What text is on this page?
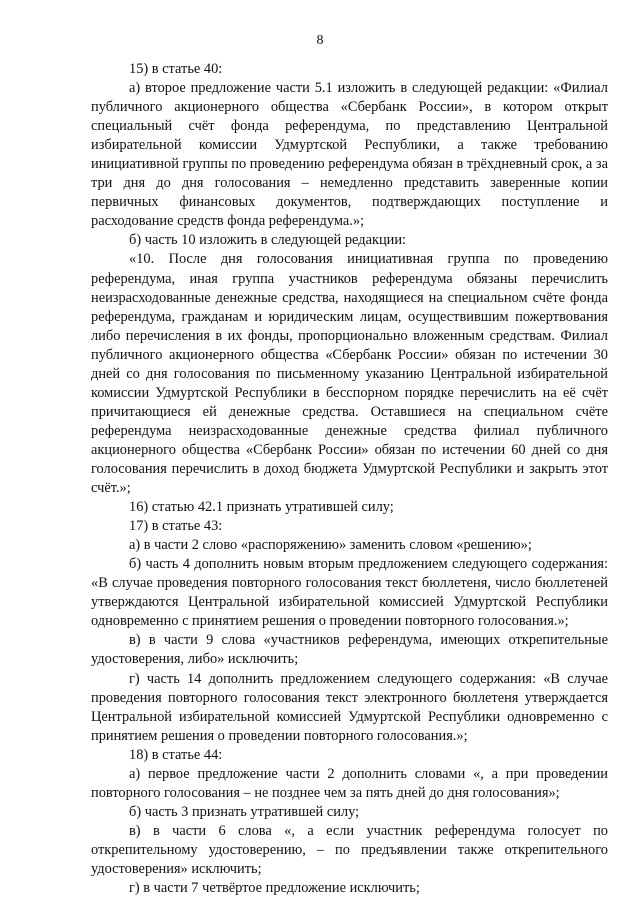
8

15) в статье 40:

а) второе предложение части 5.1 изложить в следующей редакции: «Филиал публичного акционерного общества «Сбербанк России», в котором открыт специальный счёт фонда референдума, по представлению Центральной избирательной комиссии Удмуртской Республики, а также требованию инициативной группы по проведению референдума обязан в трёхдневный срок, а за три дня до дня голосования – немедленно представить заверенные копии первичных финансовых документов, подтверждающих поступление и расходование средств фонда референдума.»;

б) часть 10 изложить в следующей редакции:

«10. После дня голосования инициативная группа по проведению референдума, иная группа участников референдума обязаны перечислить неизрасходованные денежные средства, находящиеся на специальном счёте фонда референдума, гражданам и юридическим лицам, осуществившим пожертвования либо перечисления в их фонды, пропорционально вложенным средствам. Филиал публичного акционерного общества «Сбербанк России» обязан по истечении 30 дней со дня голосования по письменному указанию Центральной избирательной комиссии Удмуртской Республики в бесспорном порядке перечислить на её счёт причитающиеся ей денежные средства. Оставшиеся на специальном счёте референдума неизрасходованные денежные средства филиал публичного акционерного общества «Сбербанк России» обязан по истечении 60 дней со дня голосования перечислить в доход бюджета Удмуртской Республики и закрыть этот счёт.»;

16) статью 42.1 признать утратившей силу;

17) в статье 43:

а) в части 2 слово «распоряжению» заменить словом «решению»;

б) часть 4 дополнить новым вторым предложением следующего содержания: «В случае проведения повторного голосования текст бюллетеня, число бюллетеней утверждаются Центральной избирательной комиссией Удмуртской Республики одновременно с принятием решения о проведении повторного голосования.»;

в) в части 9 слова «участников референдума, имеющих открепительные удостоверения, либо» исключить;

г) часть 14 дополнить предложением следующего содержания: «В случае проведения повторного голосования текст электронного бюллетеня утверждается Центральной избирательной комиссией Удмуртской Республики одновременно с принятием решения о проведении повторного голосования.»;

18) в статье 44:

а) первое предложение части 2 дополнить словами «, а при проведении повторного голосования – не позднее чем за пять дней до дня голосования»;

б) часть 3 признать утратившей силу;

в) в части 6 слова «, а если участник референдума голосует по открепительному удостоверению, – по предъявлении также открепительного удостоверения» исключить;

г) в части 7 четвёртое предложение исключить;
